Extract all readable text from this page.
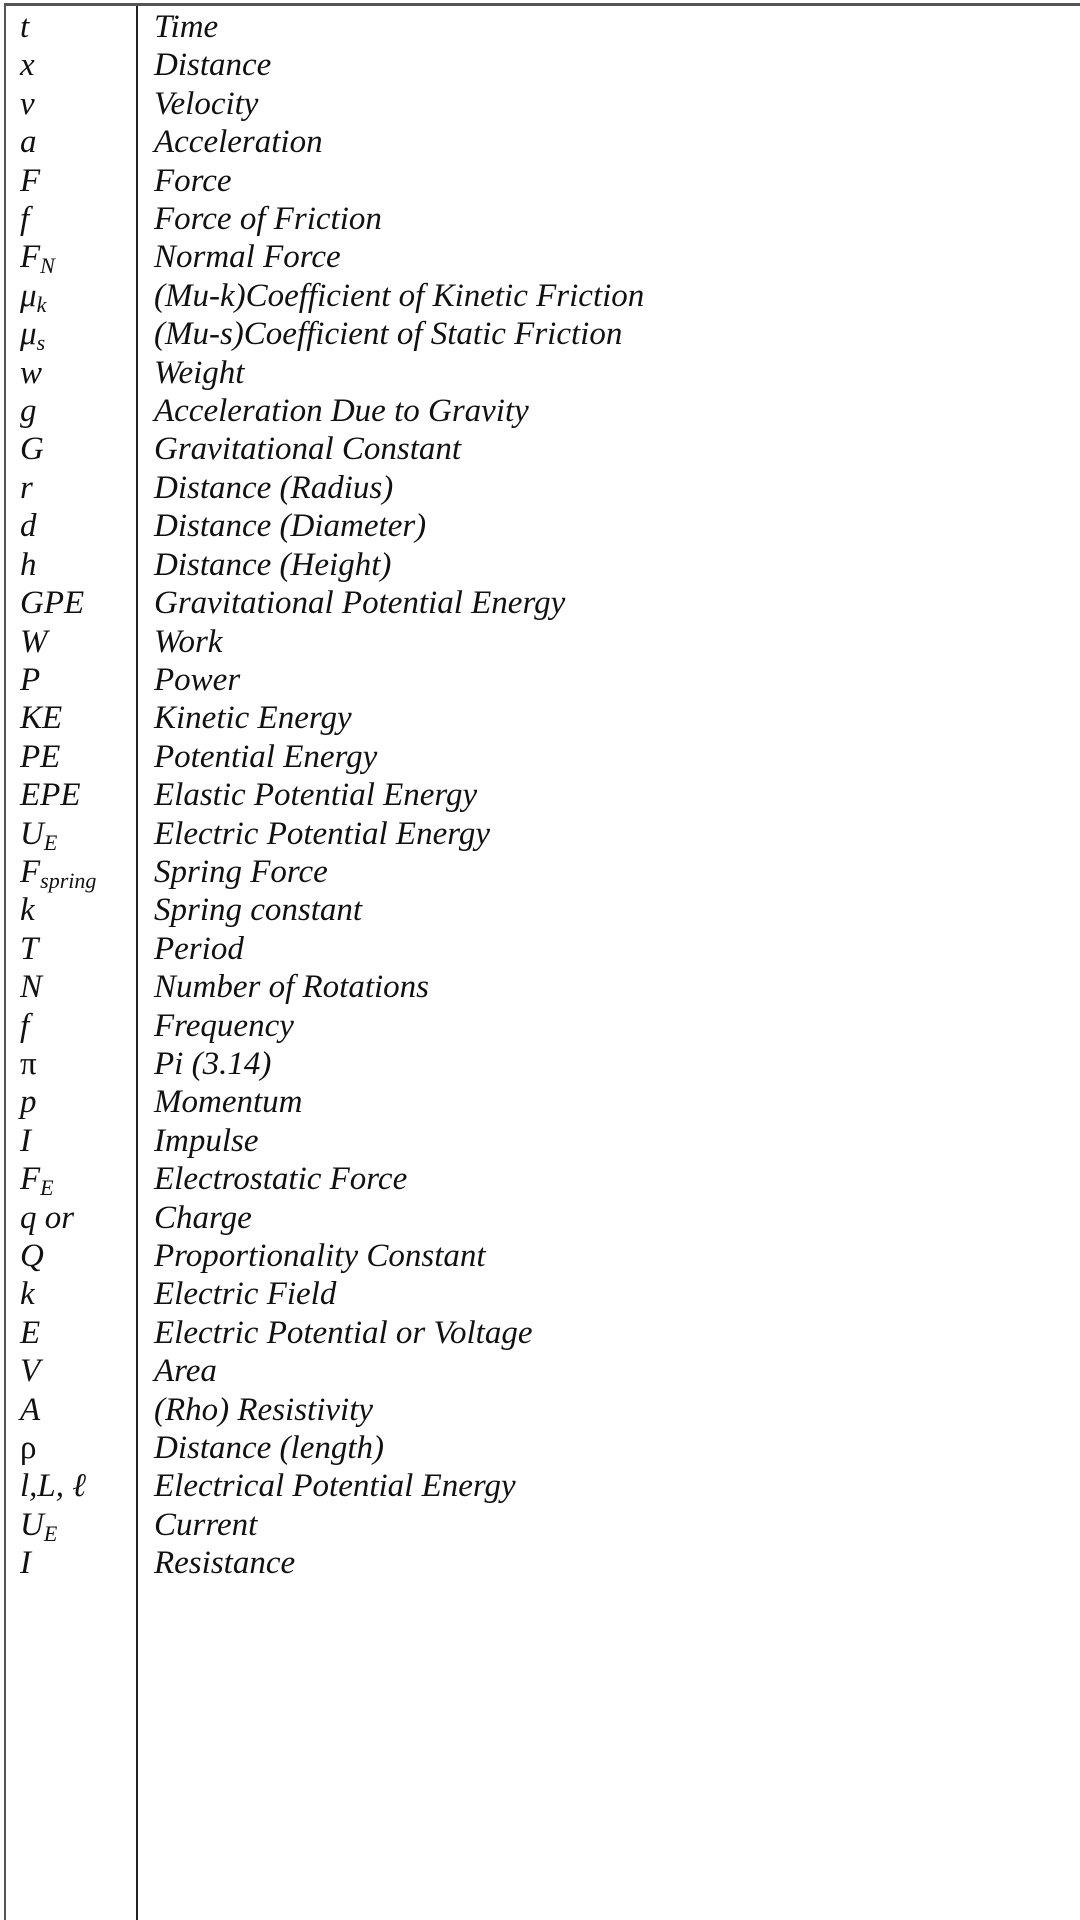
t	Time
x	Distance
v	Velocity
a	Acceleration
F	Force
f	Force of Friction
$F_N$	Normal Force
$\mu_k$	(Mu-k)Coefficient of Kinetic Friction
$\mu_s$	(Mu-s)Coefficient of Static Friction
w	Weight
g	Acceleration Due to Gravity
G	Gravitational Constant
r	Distance (Radius)
d	Distance (Diameter)
h	Distance (Height)
GPE	Gravitational Potential Energy
W	Work
P	Power
KE	Kinetic Energy
PE	Potential Energy
EPE	Elastic Potential Energy
$U_E$	Electric Potential Energy
$F_{spring}$	Spring Force
k	Spring constant
T	Period
N	Number of Rotations
f	Frequency
π	Pi (3.14)
p	Momentum
I	Impulse
$F_E$	Electrostatic Force
q or	Charge
Q	Proportionality Constant
k	Electric Field
E	Electric Potential or Voltage
V	Area
A	(Rho) Resistivity
ρ	Distance (length)
l,L, ℓ	Electrical Potential Energy
$U_E$	Current
I	Resistance
